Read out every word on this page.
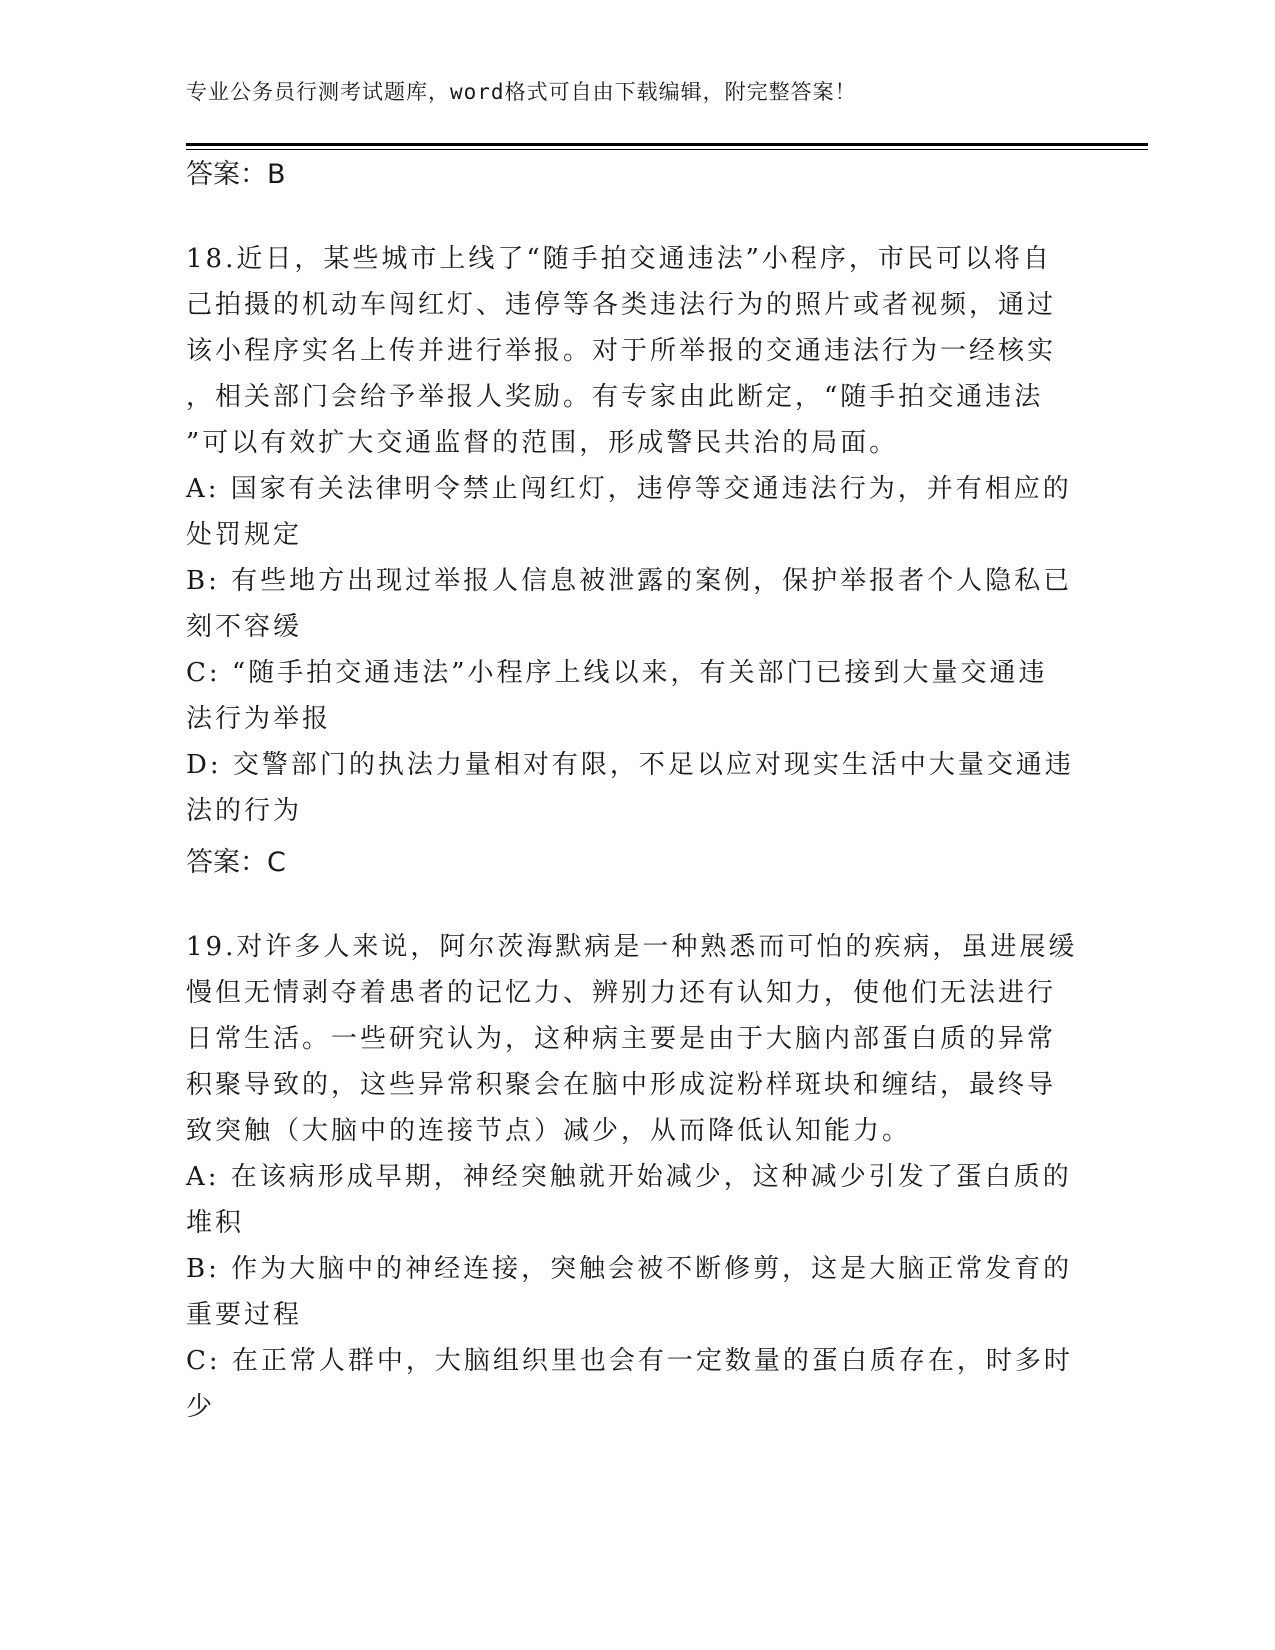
专业公务员行测考试题库，word格式可自由下载编辑，附完整答案！
答案：B
18.近日，某些城市上线了“随手拍交通违法”小程序，市民可以将自
己拍摄的机动车闯红灯、违停等各类违法行为的照片或者视频，通过
该小程序实名上传并进行举报。对于所举报的交通违法行为一经核实
，相关部门会给予举报人奖励。有专家由此断定，“随手拍交通违法
”可以有效扩大交通监督的范围，形成警民共治的局面。
A: 国家有关法律明令禁止闯红灯，违停等交通违法行为，并有相应的
处罚规定
B: 有些地方出现过举报人信息被泄露的案例，保护举报者个人隐私已
刻不容缓
C: “随手拍交通违法”小程序上线以来，有关部门已接到大量交通违
法行为举报
D: 交警部门的执法力量相对有限，不足以应对现实生活中大量交通违
法的行为
答案：C
19.对许多人来说，阿尔茨海默病是一种熟悉而可怕的疾病，虽进展缓
慢但无情剥夺着患者的记忆力、辨别力还有认知力，使他们无法进行
日常生活。一些研究认为，这种病主要是由于大脑内部蛋白质的异常
积聚导致的，这些异常积聚会在脑中形成淀粉样斑块和缠结，最终导
致突触（大脑中的连接节点）减少，从而降低认知能力。
A: 在该病形成早期，神经突触就开始减少，这种减少引发了蛋白质的
堆积
B: 作为大脑中的神经连接，突触会被不断修剪，这是大脑正常发育的
重要过程
C: 在正常人群中，大脑组织里也会有一定数量的蛋白质存在，时多时
少
